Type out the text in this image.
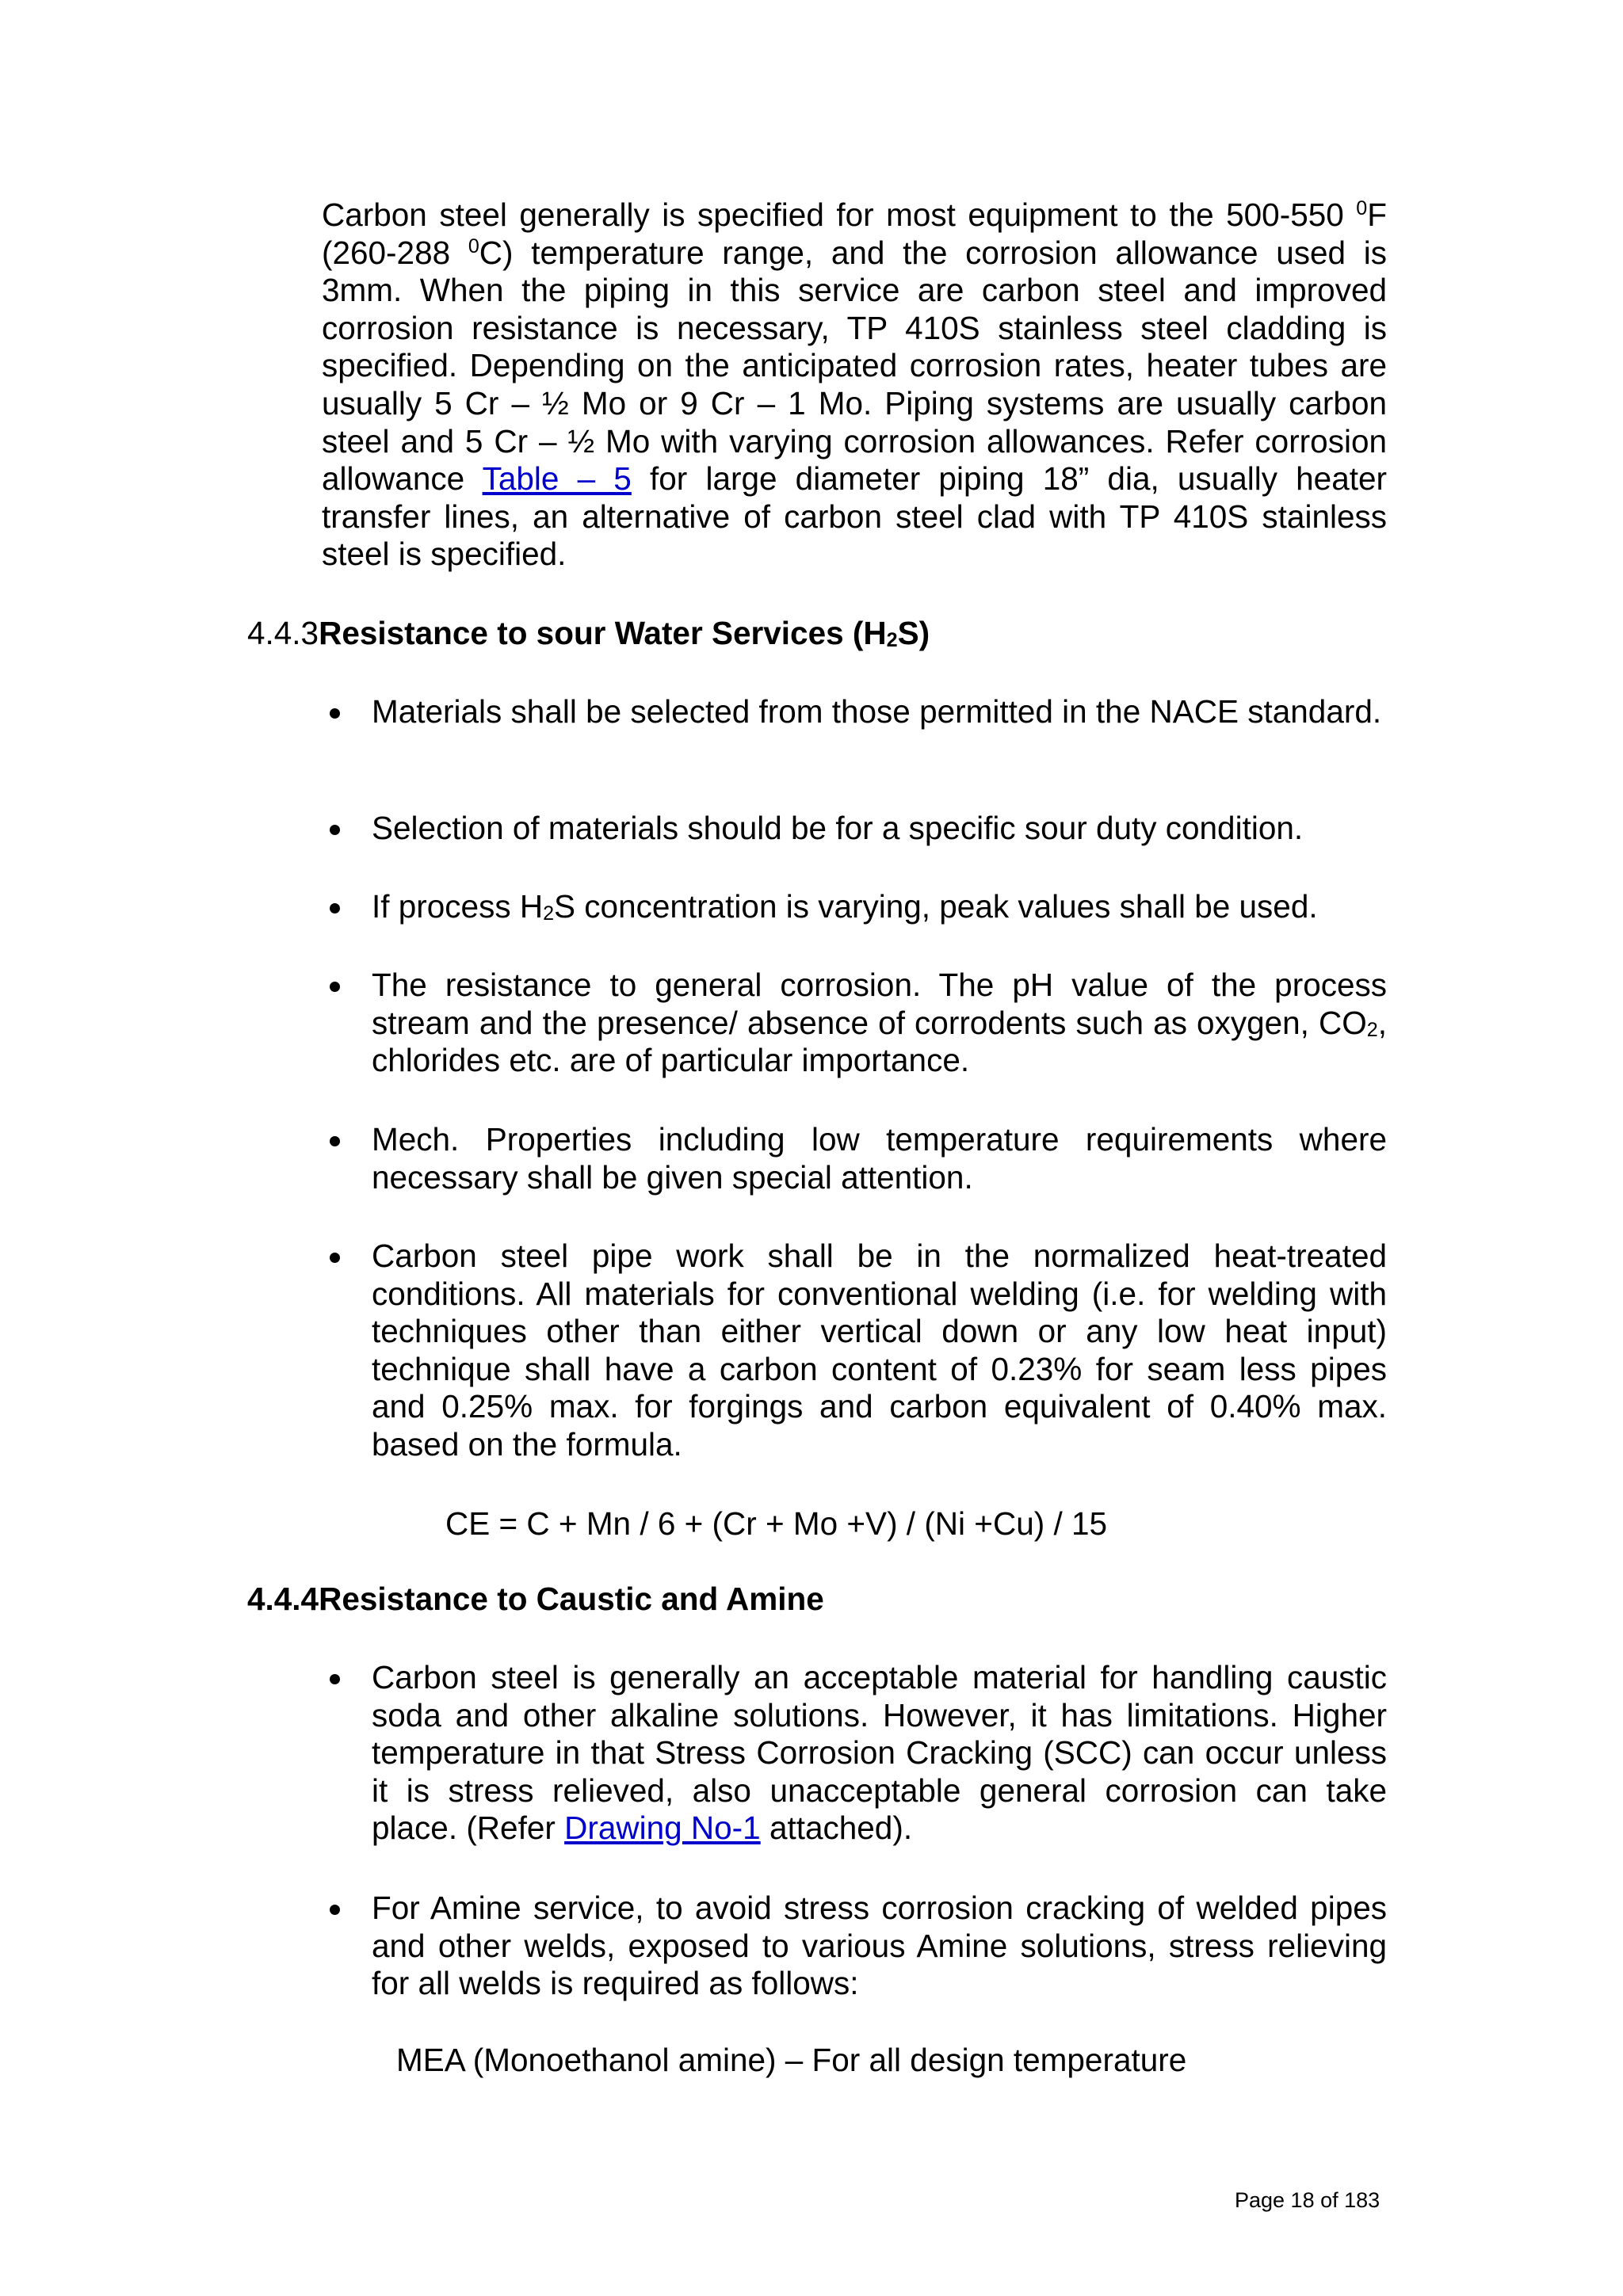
Carbon steel generally is specified for most equipment to the 500-550 $^0$F (260-288 $^0$C) temperature range, and the corrosion allowance used is 3mm. When the piping in this service are carbon steel and improved corrosion resistance is necessary, TP 410S stainless steel cladding is specified. Depending on the anticipated corrosion rates, heater tubes are usually 5 Cr – ½ Mo or 9 Cr – 1 Mo. Piping systems are usually carbon steel and 5 Cr – ½ Mo with varying corrosion allowances. Refer corrosion allowance Table – 5 for large diameter piping 18” dia, usually heater transfer lines, an alternative of carbon steel clad with TP 410S stainless steel is specified.

4.4.3Resistance to sour Water Services $(H_2S)$

Materials shall be selected from those permitted in the NACE standard.
Selection of materials should be for a specific sour duty condition.
If process $H_2S$ concentration is varying, peak values shall be used.
The resistance to general corrosion. The pH value of the process stream and the presence/ absence of corrodents such as oxygen, $CO_2$, chlorides etc. are of particular importance.
Mech. Properties including low temperature requirements where necessary shall be given special attention.
Carbon steel pipe work shall be in the normalized heat-treated conditions. All materials for conventional welding (i.e. for welding with techniques other than either vertical down or any low heat input) technique shall have a carbon content of 0.23% for seam less pipes and 0.25% max. for forgings and carbon equivalent of 0.40% max. based on the formula.

CE = C + Mn / 6 + (Cr + Mo +V) / (Ni +Cu) / 15

4.4.4Resistance to Caustic and Amine

Carbon steel is generally an acceptable material for handling caustic soda and other alkaline solutions. However, it has limitations. Higher temperature in that Stress Corrosion Cracking (SCC) can occur unless it is stress relieved, also unacceptable general corrosion can take place. (Refer Drawing No-1 attached).
For Amine service, to avoid stress corrosion cracking of welded pipes and other welds, exposed to various Amine solutions, stress relieving for all welds is required as follows:

MEA (Monoethanol amine) – For all design temperature

Page 18 of 183
